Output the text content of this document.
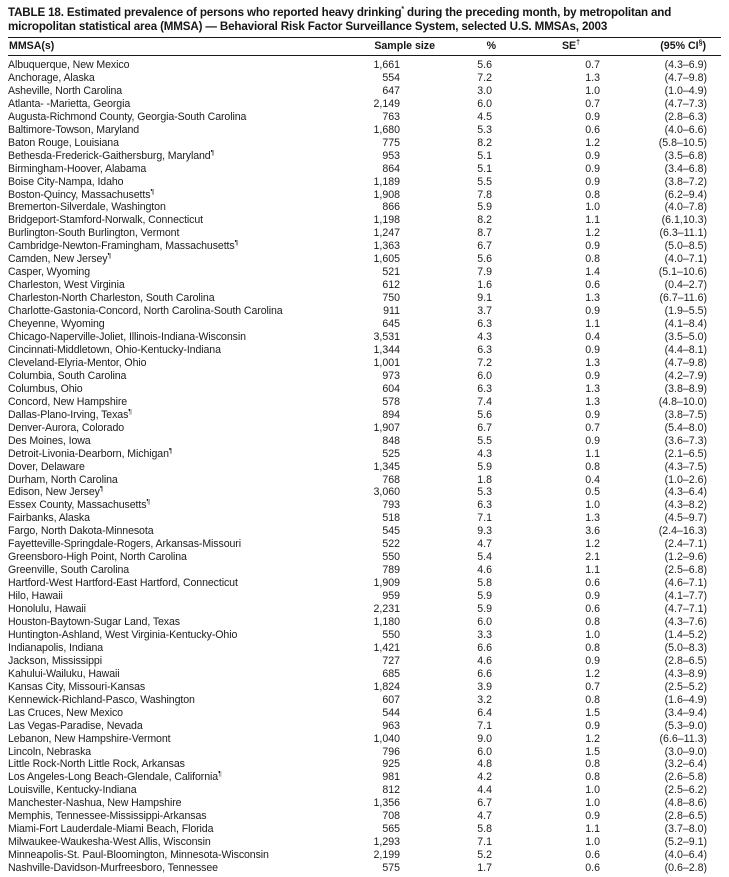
TABLE 18. Estimated prevalence of persons who reported heavy drinking* during the preceding month, by metropolitan and micropolitan statistical area (MMSA) — Behavioral Risk Factor Surveillance System, selected U.S. MMSAs, 2003
MMSA(s)	Sample size	%	SE†	(95% CI§)
Albuquerque, New Mexico	1,661	5.6	0.7	(4.3–6.9)
Anchorage, Alaska	554	7.2	1.3	(4.7–9.8)
Asheville, North Carolina	647	3.0	1.0	(1.0–4.9)
Atlanta- -Marietta, Georgia	2,149	6.0	0.7	(4.7–7.3)
Augusta-Richmond County, Georgia-South Carolina	763	4.5	0.9	(2.8–6.3)
Baltimore-Towson, Maryland	1,680	5.3	0.6	(4.0–6.6)
Baton Rouge, Louisiana	775	8.2	1.2	(5.8–10.5)
Bethesda-Frederick-Gaithersburg, Maryland¶	953	5.1	0.9	(3.5–6.8)
Birmingham-Hoover, Alabama	864	5.1	0.9	(3.4–6.8)
Boise City-Nampa, Idaho	1,189	5.5	0.9	(3.8–7.2)
Boston-Quincy, Massachusetts¶	1,908	7.8	0.8	(6.2–9.4)
Bremerton-Silverdale, Washington	866	5.9	1.0	(4.0–7.8)
Bridgeport-Stamford-Norwalk, Connecticut	1,198	8.2	1.1	(6.1,10.3)
Burlington-South Burlington, Vermont	1,247	8.7	1.2	(6.3–11.1)
Cambridge-Newton-Framingham, Massachusetts¶	1,363	6.7	0.9	(5.0–8.5)
Camden, New Jersey¶	1,605	5.6	0.8	(4.0–7.1)
Casper, Wyoming	521	7.9	1.4	(5.1–10.6)
Charleston, West Virginia	612	1.6	0.6	(0.4–2.7)
Charleston-North Charleston, South Carolina	750	9.1	1.3	(6.7–11.6)
Charlotte-Gastonia-Concord, North Carolina-South Carolina	911	3.7	0.9	(1.9–5.5)
Cheyenne, Wyoming	645	6.3	1.1	(4.1–8.4)
Chicago-Naperville-Joliet, Illinois-Indiana-Wisconsin	3,531	4.3	0.4	(3.5–5.0)
Cincinnati-Middletown, Ohio-Kentucky-Indiana	1,344	6.3	0.9	(4.4–8.1)
Cleveland-Elyria-Mentor, Ohio	1,001	7.2	1.3	(4.7–9.8)
Columbia, South Carolina	973	6.0	0.9	(4.2–7.9)
Columbus, Ohio	604	6.3	1.3	(3.8–8.9)
Concord, New Hampshire	578	7.4	1.3	(4.8–10.0)
Dallas-Plano-Irving, Texas¶	894	5.6	0.9	(3.8–7.5)
Denver-Aurora, Colorado	1,907	6.7	0.7	(5.4–8.0)
Des Moines, Iowa	848	5.5	0.9	(3.6–7.3)
Detroit-Livonia-Dearborn, Michigan¶	525	4.3	1.1	(2.1–6.5)
Dover, Delaware	1,345	5.9	0.8	(4.3–7.5)
Durham, North Carolina	768	1.8	0.4	(1.0–2.6)
Edison, New Jersey¶	3,060	5.3	0.5	(4.3–6.4)
Essex County, Massachusetts¶	793	6.3	1.0	(4.3–8.2)
Fairbanks, Alaska	518	7.1	1.3	(4.5–9.7)
Fargo, North Dakota-Minnesota	545	9.3	3.6	(2.4–16.3)
Fayetteville-Springdale-Rogers, Arkansas-Missouri	522	4.7	1.2	(2.4–7.1)
Greensboro-High Point, North Carolina	550	5.4	2.1	(1.2–9.6)
Greenville, South Carolina	789	4.6	1.1	(2.5–6.8)
Hartford-West Hartford-East Hartford, Connecticut	1,909	5.8	0.6	(4.6–7.1)
Hilo, Hawaii	959	5.9	0.9	(4.1–7.7)
Honolulu, Hawaii	2,231	5.9	0.6	(4.7–7.1)
Houston-Baytown-Sugar Land, Texas	1,180	6.0	0.8	(4.3–7.6)
Huntington-Ashland, West Virginia-Kentucky-Ohio	550	3.3	1.0	(1.4–5.2)
Indianapolis, Indiana	1,421	6.6	0.8	(5.0–8.3)
Jackson, Mississippi	727	4.6	0.9	(2.8–6.5)
Kahului-Wailuku, Hawaii	685	6.6	1.2	(4.3–8.9)
Kansas City, Missouri-Kansas	1,824	3.9	0.7	(2.5–5.2)
Kennewick-Richland-Pasco, Washington	607	3.2	0.8	(1.6–4.9)
Las Cruces, New Mexico	544	6.4	1.5	(3.4–9.4)
Las Vegas-Paradise, Nevada	963	7.1	0.9	(5.3–9.0)
Lebanon, New Hampshire-Vermont	1,040	9.0	1.2	(6.6–11.3)
Lincoln, Nebraska	796	6.0	1.5	(3.0–9.0)
Little Rock-North Little Rock, Arkansas	925	4.8	0.8	(3.2–6.4)
Los Angeles-Long Beach-Glendale, California¶	981	4.2	0.8	(2.6–5.8)
Louisville, Kentucky-Indiana	812	4.4	1.0	(2.5–6.2)
Manchester-Nashua, New Hampshire	1,356	6.7	1.0	(4.8–8.6)
Memphis, Tennessee-Mississippi-Arkansas	708	4.7	0.9	(2.8–6.5)
Miami-Fort Lauderdale-Miami Beach, Florida	565	5.8	1.1	(3.7–8.0)
Milwaukee-Waukesha-West Allis, Wisconsin	1,293	7.1	1.0	(5.2–9.1)
Minneapolis-St. Paul-Bloomington, Minnesota-Wisconsin	2,199	5.2	0.6	(4.0–6.4)
Nashville-Davidson-Murfreesboro, Tennessee	575	1.7	0.6	(0.6–2.8)
